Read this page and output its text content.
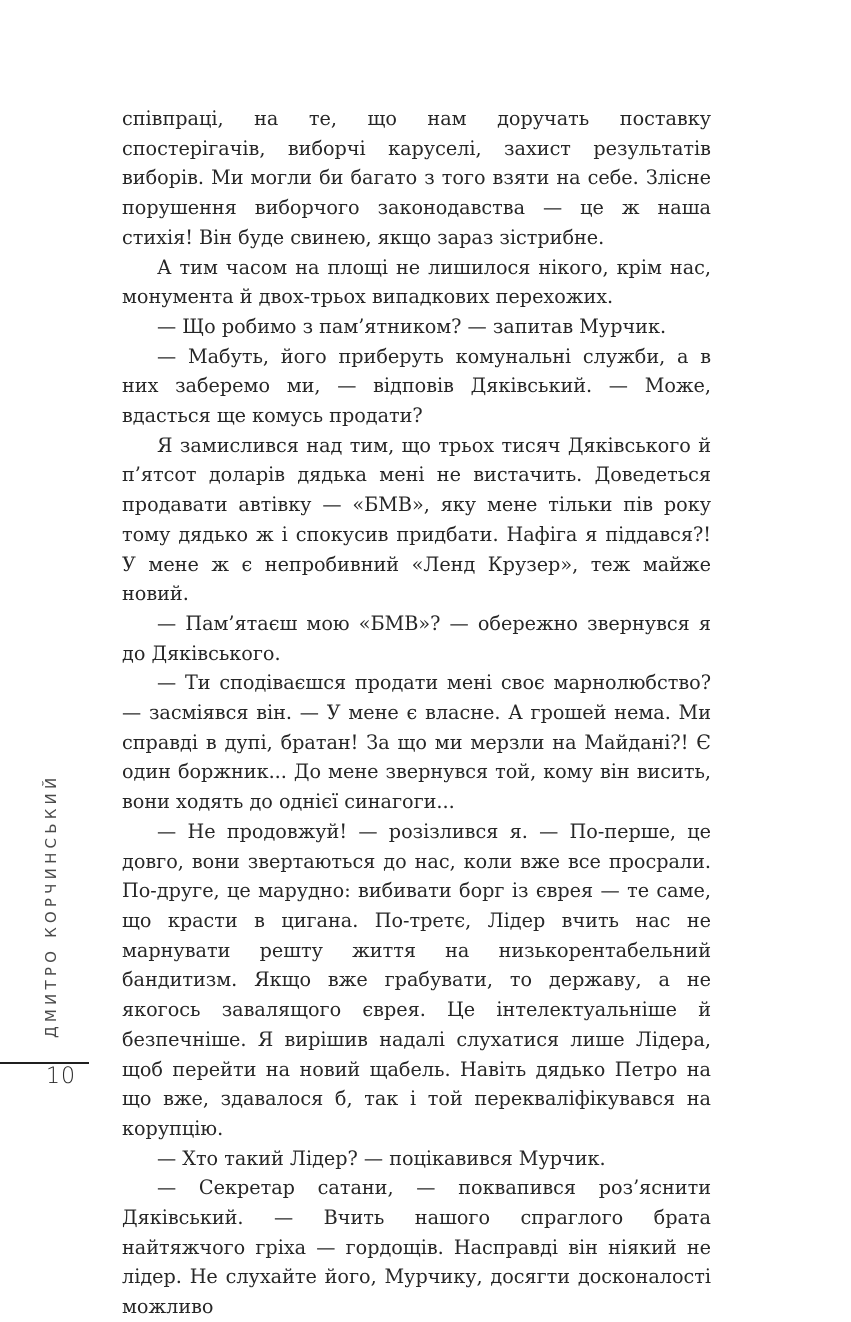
співпраці, на те, що нам доручать поставку спостерігачів, виборчі каруселі, захист результатів виборів. Ми могли би багато з того взяти на себе. Злісне порушення виборчого законодавства — це ж наша стихія! Він буде свинею, якщо зараз зістрибне.

А тим часом на площі не лишилося нікого, крім нас, монумента й двох-трьох випадкових перехожих.

— Що робимо з пам’ятником? — запитав Мурчик.

— Мабуть, його приберуть комунальні служби, а в них заберемо ми, — відповів Дяківський. — Може, вдасться ще комусь продати?

Я замислився над тим, що трьох тисяч Дяківського й п’ятсот доларів дядька мені не вистачить. Доведеться продавати автівку — «БМВ», яку мене тільки пів року тому дядько ж і спокусив придбати. Нафіга я піддався?! У мене ж є непробивний «Ленд Крузер», теж майже новий.

— Пам’ятаєш мою «БМВ»? — обережно звернувся я до Дяківського.

— Ти сподіваєшся продати мені своє марнолюбство? — засміявся він. — У мене є власне. А грошей нема. Ми справді в дупі, братан! За що ми мерзли на Майдані?! Є один боржник... До мене звернувся той, кому він висить, вони ходять до однієї синагоги...

— Не продовжуй! — розізлився я. — По-перше, це довго, вони звертаються до нас, коли вже все просрали. По-друге, це марудно: вибивати борг із єврея — те саме, що красти в цигана. По-третє, Лідер вчить нас не марнувати решту життя на низькорентабельний бандитизм. Якщо вже грабувати, то державу, а не якогось завалящого єврея. Це інтелектуальніше й безпечніше. Я вирішив надалі слухатися лише Лідера, щоб перейти на новий щабель. Навіть дядько Петро на що вже, здавалося б, так і той перекваліфікувався на корупцію.

— Хто такий Лідер? — поцікавився Мурчик.

— Секретар сатани, — поквапився роз’яснити Дяківський. — Вчить нашого спраглого брата найтяжчого гріха — гордощів. Насправді він ніякий не лідер. Не слухайте його, Мурчику, досягти досконалості можливо

ДМИТРО КОРЧИНСЬКИЙ
10
